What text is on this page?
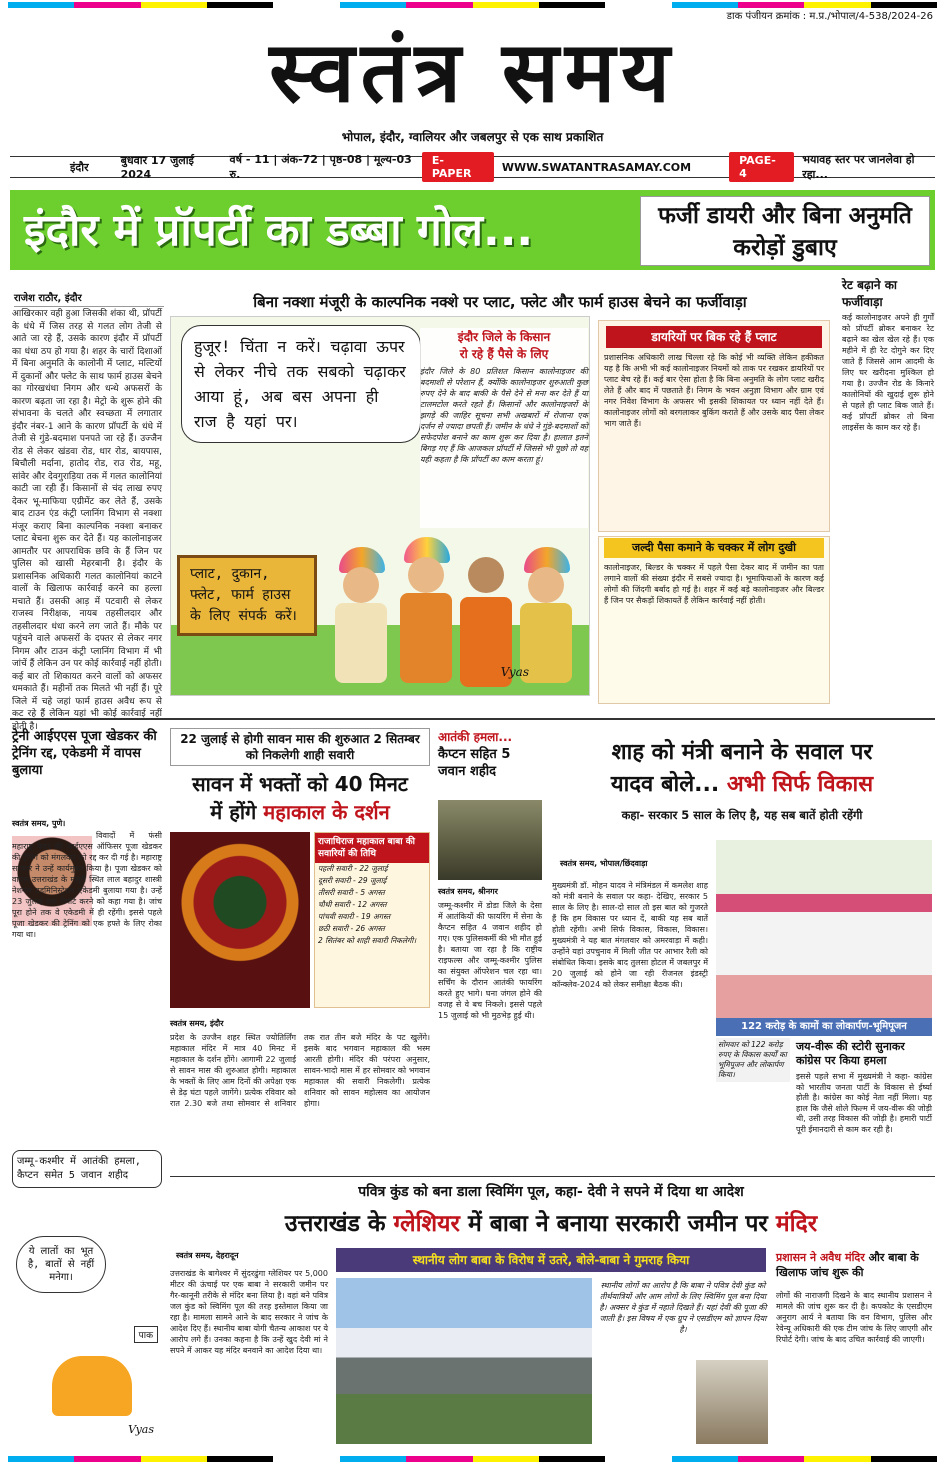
डाक पंजीयन क्रमांक : म.प्र./भोपाल/4-538/2024-26
स्वतंत्र समय
भोपाल, इंदौर, ग्वालियर और जबलपुर से एक साथ प्रकाशित
इंदौर	बुधवार 17 जुलाई 2024
वर्ष - 11 | अंक-72 | पृष्ठ-08 | मूल्य-03 रु.
E- PAPER	WWW.SWATANTRASAMAY.COM	PAGE- 4
भयावह स्तर पर जानलेवा हो रहा...
इंदौर में प्रॉपर्टी का डब्बा गोल...	फर्जी डायरी और बिना अनुमति करोड़ों डुबाए
राजेश राठौर, इंदौर
आखिरकार वही हुआ जिसकी शंका थी, प्रॉपर्टी के धंधे में जिस तरह से गलत लोग तेजी से आते जा रहे हैं, उसके कारण इंदौर में प्रॉपर्टी का धंधा ठप हो गया है। शहर के चारों दिशाओं में बिना अनुमति के कालोनी में प्लाट, मल्टियों में दुकानों और फ्लेट के साथ फार्म हाउस बेचने का गोरखधंधा निगम और धन्धे अफसरों के कारण बढ़ता जा रहा है। मेट्रो के शुरू होने की संभावना के चलते और स्वच्छता में लगातार इंदौर नंबर-1 आने के कारण प्रॉपर्टी के धंधे में तेजी से गुंडे-बदमाश पनपते जा रहे हैं। उज्जैन रोड से लेकर खंडवा रोड, धार रोड, बायपास, बिचौली मर्दाना, हातोद रोड, राउ रोड, महू, सांवेर और देवगुराड़िया तक में गलत कालोनियां काटी जा रही हैं। किसानों से चंद लाख रुपए देकर भू-माफिया एग्रीमेंट कर लेते हैं, उसके बाद टाउन एंड कंट्री प्लानिंग विभाग से नक्शा मंजूर कराए बिना काल्पनिक नक्शा बनाकर प्लाट बेचना शुरू कर देते हैं। यह कालोनाइजर आमतौर पर आपराधिक छवि के हैं जिन पर पुलिस को खासी मेहरबानी है। इंदौर के प्रशासनिक अधिकारी गलत कालोनियां काटने वालों के खिलाफ कार्रवाई करने का हल्ला मचाते हैं। उसकी आड़ में पटवारी से लेकर राजस्व निरीक्षक, नायब तहसीलदार और तहसीलदार धंधा करने लग जाते हैं। मौके पर पहुंचने वाले अफसरों के दफ्तर से लेकर नगर निगम और टाउन कंट्री प्लानिंग विभाग में भी जांचें हैं लेकिन उन पर कोई कार्रवाई नहीं होती। कई बार तो शिकायत करने वालों को अफसर धमकाते हैं। महीनों तक मिलते भी नहीं हैं। पूरे जिले में चहे जहां फार्म हाउस अवैध रूप से कट रहे हैं लेकिन यहां भी कोई कार्रवाई नहीं होती है।
बिना नक्शा मंजूरी के काल्पनिक नक्शे पर प्लाट, फ्लेट और फार्म हाउस बेचने का फर्जीवाड़ा
हुजूर! चिंता न करें। चढ़ावा ऊपर से लेकर नीचे तक सबको चढ़ाकर आया हूं, अब बस अपना ही राज है यहां पर।
प्लाट, दुकान, फ्लेट, फार्म हाउस के लिए संपर्क करें।
Vyas
इंदौर जिले के किसान
रो रहे हैं पैसे के लिए
इंदौर जिले के 80 प्रतिशत किसान कालोनाइजर की बदमाशी से परेशान हैं, क्योंकि कालोनाइजर शुरुआती कुछ रुपए देने के बाद बाकी के पैसे देने से मना कर देते हैं या टालमटोल करते रहते हैं। किसानों और कालोनाइजरों के झगड़े की जाहिर सूचना सभी अखबारों में रोजाना एक दर्जन से ज्यादा छपती हैं। जमीन के धंधे ने गुंडे-बदमाशों को सफेदपोश बनाने का काम शुरू कर दिया है। हालात इतने बिगड़ गए हैं कि आजकल प्रॉपर्टी में जिससे भी पूछो तो वह यही कहता है कि प्रॉपर्टी का काम करता हूं।
डायरियों पर बिक रहे हैं प्लाट
प्रशासनिक अधिकारी लाख चिल्ला रहे कि कोई भी व्यक्ति लेकिन हकीकत यह है कि अभी भी कई कालोनाइजर नियमों को ताक पर रखकर डायरियों पर प्लाट बेच रहे हैं। कई बार ऐसा होता है कि बिना अनुमति के लोग प्लाट खरीद लेते हैं और बाद में पछताते हैं। निगम के भवन अनुज्ञा विभाग और ग्राम एवं नगर निवेश विभाग के अफसर भी इसकी शिकायत पर ध्यान नहीं देते हैं। कालोनाइजर लोगों को बरगलाकर बुकिंग कराते हैं और उसके बाद पैसा लेकर भाग जाते हैं।
जल्दी पैसा कमाने के चक्कर में लोग दुखी
कालोनाइजर, बिल्डर के चक्कर में पहले पैसा देकर बाद में जमीन का पता लगाने वालों की संख्या इंदौर में सबसे ज्यादा है। भूमाफियाओं के कारण कई लोगों की जिंदगी बर्बाद हो गई है। शहर में कई बड़े कालोनाइजर और बिल्डर हैं जिन पर सैकड़ों शिकायतें हैं लेकिन कार्रवाई नहीं होती।
रेट बढ़ाने का फर्जीवाड़ा
कई कालोनाइजर अपने ही गुर्गों को प्रॉपर्टी ब्रोकर बनाकर रेट बढ़ाने का खेल खेल रहे हैं। एक महीने में ही रेट दोगुने कर दिए जाते हैं जिससे आम आदमी के लिए घर खरीदना मुश्किल हो गया है। उज्जैन रोड के किनारे कालोनियों की खुदाई शुरू होने से पहले ही प्लाट बिक जाते हैं। कई प्रॉपर्टी ब्रोकर तो बिना लाइसेंस के काम कर रहे हैं।
ट्रेनी आईएएस पूजा खेडकर की ट्रेनिंग रद्द, एकेडमी में वापस बुलाया
स्वतंत्र समय, पुणे।
विवादों में फंसी महाराष्ट्र कैडर की आईएएस ऑफिसर पूजा खेडकर की ट्रेनिंग को मंगलवार को रद्द कर दी गई है। महाराष्ट्र सरकार ने उन्हें कार्यमुक्त किया है। पूजा खेडकर को वापस उत्तराखंड के मसूरी स्थित लाल बहादुर शास्त्री नेशनल एडमिनिस्ट्रेशन एकेडमी बुलाया गया है। उन्हें 23 जुलाई तक रिपोर्ट करने को कहा गया है। जांच पूरा होने तक वे एकेडमी में ही रहेंगी। इससे पहले पूजा खेडकर की ट्रेनिंग को एक हफ्ते के लिए रोका गया था।
जम्मू-कश्मीर में आतंकी हमला, कैप्टन समेत 5 जवान शहीद
ये लातों का भूत है, बातों से नहीं मनेगा।
पाक
Vyas
22 जुलाई से होगी सावन मास की शुरुआत 2 सितम्बर को निकलेगी शाही सवारी
सावन में भक्तों को 40 मिनट
में होंगे महाकाल के दर्शन
राजाधिराज महाकाल बाबा की सवारियों की तिथि
पहली सवारी - 22 जुलाई
दूसरी सवारी - 29 जुलाई
तीसरी सवारी - 5 अगस्त
चौथी सवारी - 12 अगस्त
पांचवी सवारी - 19 अगस्त
छठी सवारी - 26 अगस्त
2 सितंबर को शाही सवारी निकलेगी।
स्वतंत्र समय, इंदौर
प्रदेश के उज्जैन शहर स्थित ज्योतिर्लिंग महाकाल मंदिर में मात्र 40 मिनट में महाकाल के दर्शन होंगे। आगामी 22 जुलाई से सावन मास की शुरुआत होगी। महाकाल के भक्तों के लिए आम दिनों की अपेक्षा एक से डेढ़ घंटा पहले जागेंगे। प्रत्येक रविवार को रात 2.30 बजे तथा सोमवार से शनिवार तक रात तीन बजे मंदिर के पट खुलेंगे। इसके बाद भगवान महाकाल की भस्म आरती होगी। मंदिर की परंपरा अनुसार, सावन-भादो मास में हर सोमवार को भगवान महाकाल की सवारी निकलेगी। प्रत्येक शनिवार को सावन महोत्सव का आयोजन होगा।
आतंकी हमला...
कैप्टन सहित 5 जवान शहीद
स्वतंत्र समय, श्रीनगर
जम्मू-कश्मीर में डोडा जिले के देसा में आतंकियों की फायरिंग में सेना के कैप्टन सहित 4 जवान शहीद हो गए। एक पुलिसकर्मी की भी मौत हुई है। बताया जा रहा है कि राष्ट्रीय राइफल्स और जम्मू-कश्मीर पुलिस का संयुक्त ऑपरेशन चल रहा था। सर्चिंग के दौरान आतंकी फायरिंग करते हुए भागे। घना जंगल होने की वजह से वे बच निकले। इससे पहले 15 जुलाई को भी मुठभेड़ हुई थी।
शाह को मंत्री बनाने के सवाल पर
यादव बोले... अभी सिर्फ विकास
कहा- सरकार 5 साल के लिए है, यह सब बातें होती रहेंगी
स्वतंत्र समय, भोपाल/छिंदवाड़ा
मुख्यमंत्री डॉ. मोहन यादव ने मंत्रिमंडल में कमलेश शाह को मंत्री बनाने के सवाल पर कहा- देखिए, सरकार 5 साल के लिए है। साल-दो साल तो इस बात को गुजरते हैं कि हम विकास पर ध्यान दें, बाकी यह सब बातें होती रहेंगी। अभी सिर्फ विकास, विकास, विकास। मुख्यमंत्री ने यह बात मंगलवार को अमरवाड़ा में कही। उन्होंने यहां उपचुनाव में मिली जीत पर आभार रैली को संबोधित किया। इसके बाद तुलसा होटल में जबलपुर में 20 जुलाई को होने जा रही रीजनल इंडस्ट्री कॉन्क्लेव-2024 को लेकर समीक्षा बैठक की।
सोमवार को 122 करोड़ रुपए के विकास कार्यों का भूमिपूजन और लोकार्पण किया।
122 करोड़ के कामों का लोकार्पण-भूमिपूजन
जय-वीरू की स्टोरी सुनाकर कांग्रेस पर किया हमला
इससे पहले सभा में मुख्यमंत्री ने कहा- कांग्रेस को भारतीय जनता पार्टी के विकास से ईर्ष्या होती है। कांग्रेस का कोई नेता नहीं मिला। यह हाल कि जैसे शोले फिल्म में जय-वीरू की जोड़ी थी, उसी तरह विकास की जोड़ी है। हमारी पार्टी पूरी ईमानदारी से काम कर रही है।
पवित्र कुंड को बना डाला स्विमिंग पूल, कहा- देवी ने सपने में दिया था आदेश
उत्तराखंड के ग्लेशियर में बाबा ने बनाया सरकारी जमीन पर मंदिर
स्वतंत्र समय, देहरादून
उत्तराखंड के बागेश्वर में सुंदरढुंगा ग्लेशियर पर 5,000 मीटर की ऊंचाई पर एक बाबा ने सरकारी जमीन पर गैर-कानूनी तरीके से मंदिर बना लिया है। वहां बने पवित्र जल कुंड को स्विमिंग पूल की तरह इस्तेमाल किया जा रहा है। मामला सामने आने के बाद सरकार ने जांच के आदेश दिए हैं। स्थानीय बाबा योगी चैतन्य आकाश पर ये आरोप लगे हैं। उनका कहना है कि उन्हें खुद देवी मां ने सपने में आकर यह मंदिर बनवाने का आदेश दिया था।
स्थानीय लोग बाबा के विरोध में उतरे, बोले-बाबा ने गुमराह किया
स्थानीय लोगों का आरोप है कि बाबा ने पवित्र देवी कुंड को तीर्थयात्रियों और आम लोगों के लिए स्विमिंग पूल बना दिया है। अक्सर वे कुंड में नहाते दिखते हैं। यहां देवी की पूजा की जाती है। इस विषय में एक ग्रुप ने एसडीएम को ज्ञापन दिया है।
प्रशासन ने अवैध मंदिर और बाबा के खिलाफ जांच शुरू की
लोगों की नाराजगी दिखने के बाद स्थानीय प्रशासन ने मामले की जांच शुरू कर दी है। कपकोट के एसडीएम अनुराग आर्य ने बताया कि वन विभाग, पुलिस और रेवेन्यू अधिकारी की एक टीम जांच के लिए जाएगी और रिपोर्ट देगी। जांच के बाद उचित कार्रवाई की जाएगी।
